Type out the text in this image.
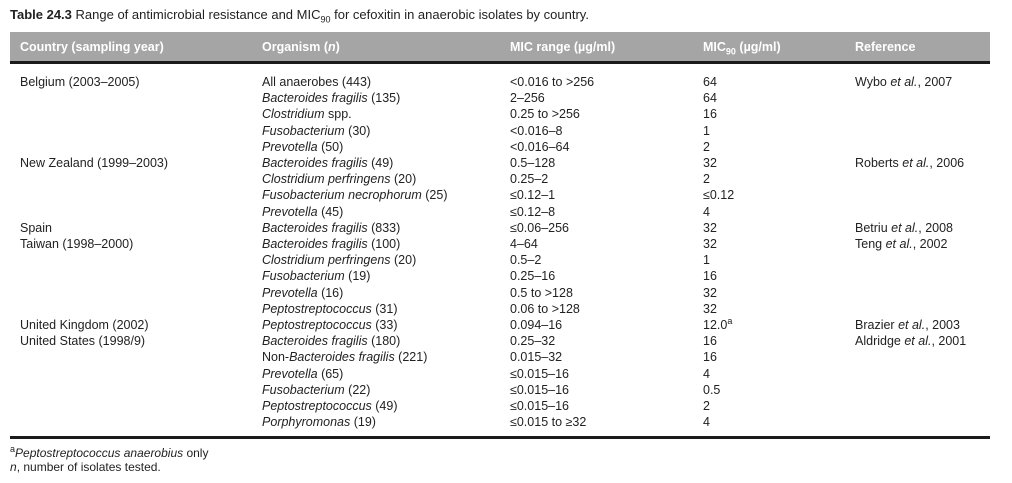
Table 24.3 Range of antimicrobial resistance and $MIC_{90}$ for cefoxitin in anaerobic isolates by country.

Country (sampling year)	Organism (n)	MIC range (µg/ml)	$MIC_{90}$ (µg/ml)	Reference
Belgium (2003–2005)	All anaerobes (443)	<0.016 to >256	64	Wybo et al., 2007
	Bacteroides fragilis (135)	2–256	64	
	Clostridium spp.	0.25 to >256	16	
	Fusobacterium (30)	<0.016–8	1	
	Prevotella (50)	<0.016–64	2	
New Zealand (1999–2003)	Bacteroides fragilis (49)	0.5–128	32	Roberts et al., 2006
	Clostridium perfringens (20)	0.25–2	2	
	Fusobacterium necrophorum (25)	≤0.12–1	≤0.12	
	Prevotella (45)	≤0.12–8	4	
Spain	Bacteroides fragilis (833)	≤0.06–256	32	Betriu et al., 2008
Taiwan (1998–2000)	Bacteroides fragilis (100)	4–64	32	Teng et al., 2002
	Clostridium perfringens (20)	0.5–2	1	
	Fusobacterium (19)	0.25–16	16	
	Prevotella (16)	0.5 to >128	32	
	Peptostreptococcus (31)	0.06 to >128	32	
United Kingdom (2002)	Peptostreptococcus (33)	0.094–16	12.0$^a$	Brazier et al., 2003
United States (1998/9)	Bacteroides fragilis (180)	0.25–32	16	Aldridge et al., 2001
	Non-Bacteroides fragilis (221)	0.015–32	16	
	Prevotella (65)	≤0.015–16	4	
	Fusobacterium (22)	≤0.015–16	0.5	
	Peptostreptococcus (49)	≤0.015–16	2	
	Porphyromonas (19)	≤0.015 to ≥32	4	

$^a$Peptostreptococcus anaerobius only

n, number of isolates tested.
